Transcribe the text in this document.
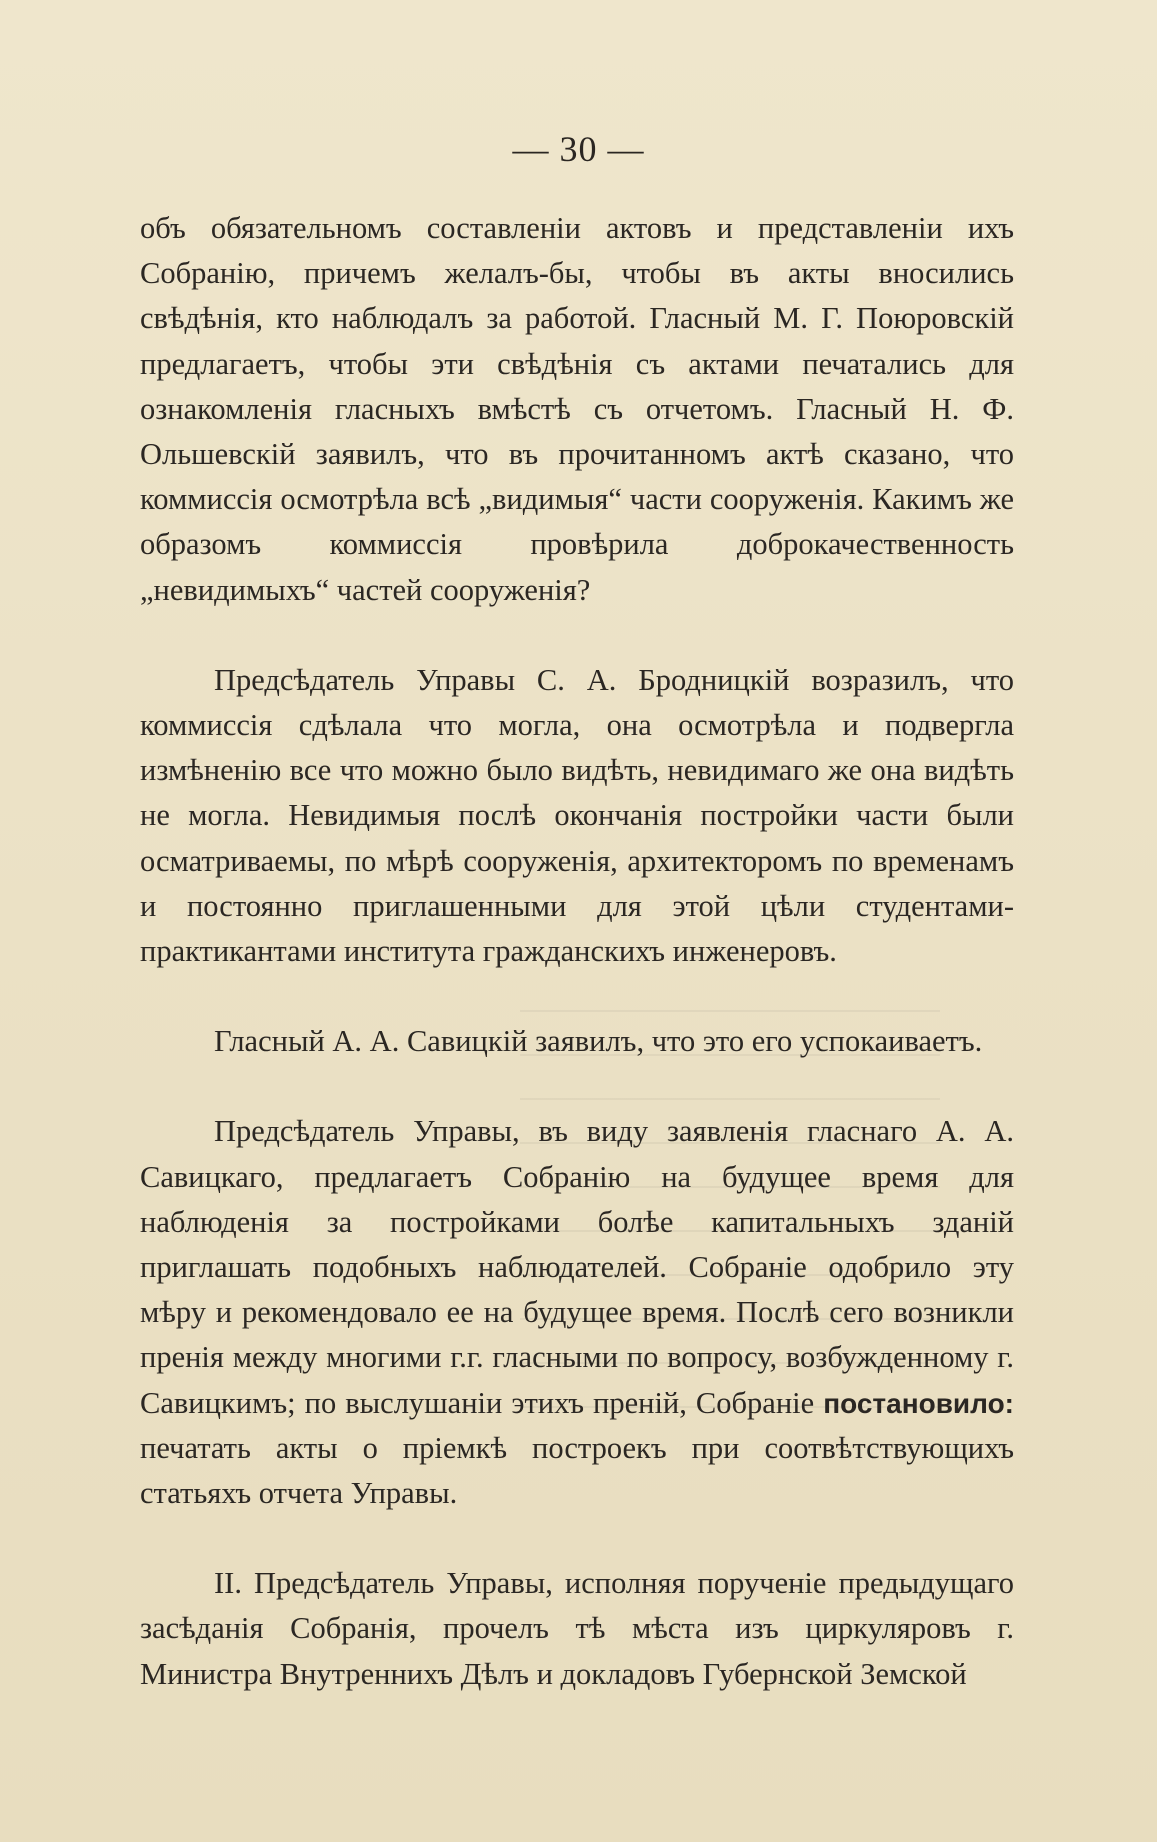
— 30 —

объ обязательномъ составленіи актовъ и представленіи ихъ Собранію, причемъ желалъ-бы, чтобы въ акты вносились свѣдѣнія, кто наблюдалъ за работой. Гласный М. Г. Поюровскій предлагаетъ, чтобы эти свѣдѣнія съ актами печатались для ознакомленія гласныхъ вмѣстѣ съ отчетомъ. Гласный Н. Ф. Ольшевскій заявилъ, что въ прочитанномъ актѣ сказано, что коммиссія осмотрѣла всѣ „видимыя“ части сооруженія. Какимъ же образомъ коммиссія провѣрила доброкачественность „невидимыхъ“ частей сооруженія?

Предсѣдатель Управы С. А. Бродницкій возразилъ, что коммиссія сдѣлала что могла, она осмотрѣла и подвергла измѣненію все что можно было видѣть, невидимаго же она видѣть не могла. Невидимыя послѣ окончанія постройки части были осматриваемы, по мѣрѣ сооруженія, архитекторомъ по временамъ и постоянно приглашенными для этой цѣли студентами-практикантами института гражданскихъ инженеровъ.

Гласный А. А. Савицкій заявилъ, что это его успокаиваетъ.

Предсѣдатель Управы, въ виду заявленія гласнаго А. А. Савицкаго, предлагаетъ Собранію на будущее время для наблюденія за постройками болѣе капитальныхъ зданій приглашать подобныхъ наблюдателей. Собраніе одобрило эту мѣру и рекомендовало ее на будущее время. Послѣ сего возникли пренія между многими г.г. гласными по вопросу, возбужденному г. Савицкимъ; по выслушаніи этихъ преній, Собраніе постановило: печатать акты о пріемкѣ построекъ при соотвѣтствующихъ статьяхъ отчета Управы.

II. Предсѣдатель Управы, исполняя порученіе предыдущаго засѣданія Собранія, прочелъ тѣ мѣста изъ циркуляровъ г. Министра Внутреннихъ Дѣлъ и докладовъ Губернской Земской
